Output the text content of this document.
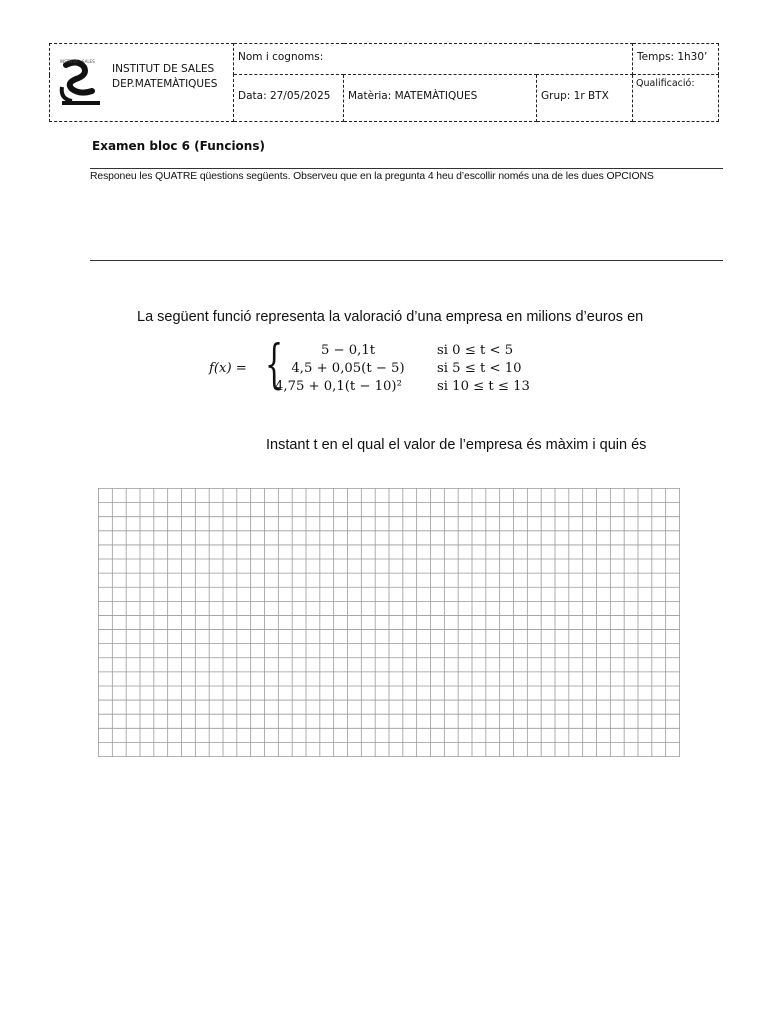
INSTITUT · SALES
INSTITUT DE SALES
DEP.MATEMÀTIQUES	Nom i cognoms:			Temps: 1h30’

	Data: 27/05/2025	Matèria: MATEMÀTIQUES	Grup: 1r BTX	Qualificació:
Examen bloc 6 (Funcions)
Responeu les QUATRE qüestions següents. Observeu que en la pregunta 4 heu d’escollir només una de les dues OPCIONS
La següent funció representa la valoració d’una empresa en milions d’euros en
f(x) = {	5 − 0,1t	si 0 ≤ t < 5
4,5 + 0,05(t − 5)	si 5 ≤ t < 10
4,75 + 0,1(t − 10)²	si 10 ≤ t ≤ 13
Instant t en el qual el valor de l’empresa és màxim i quin és
